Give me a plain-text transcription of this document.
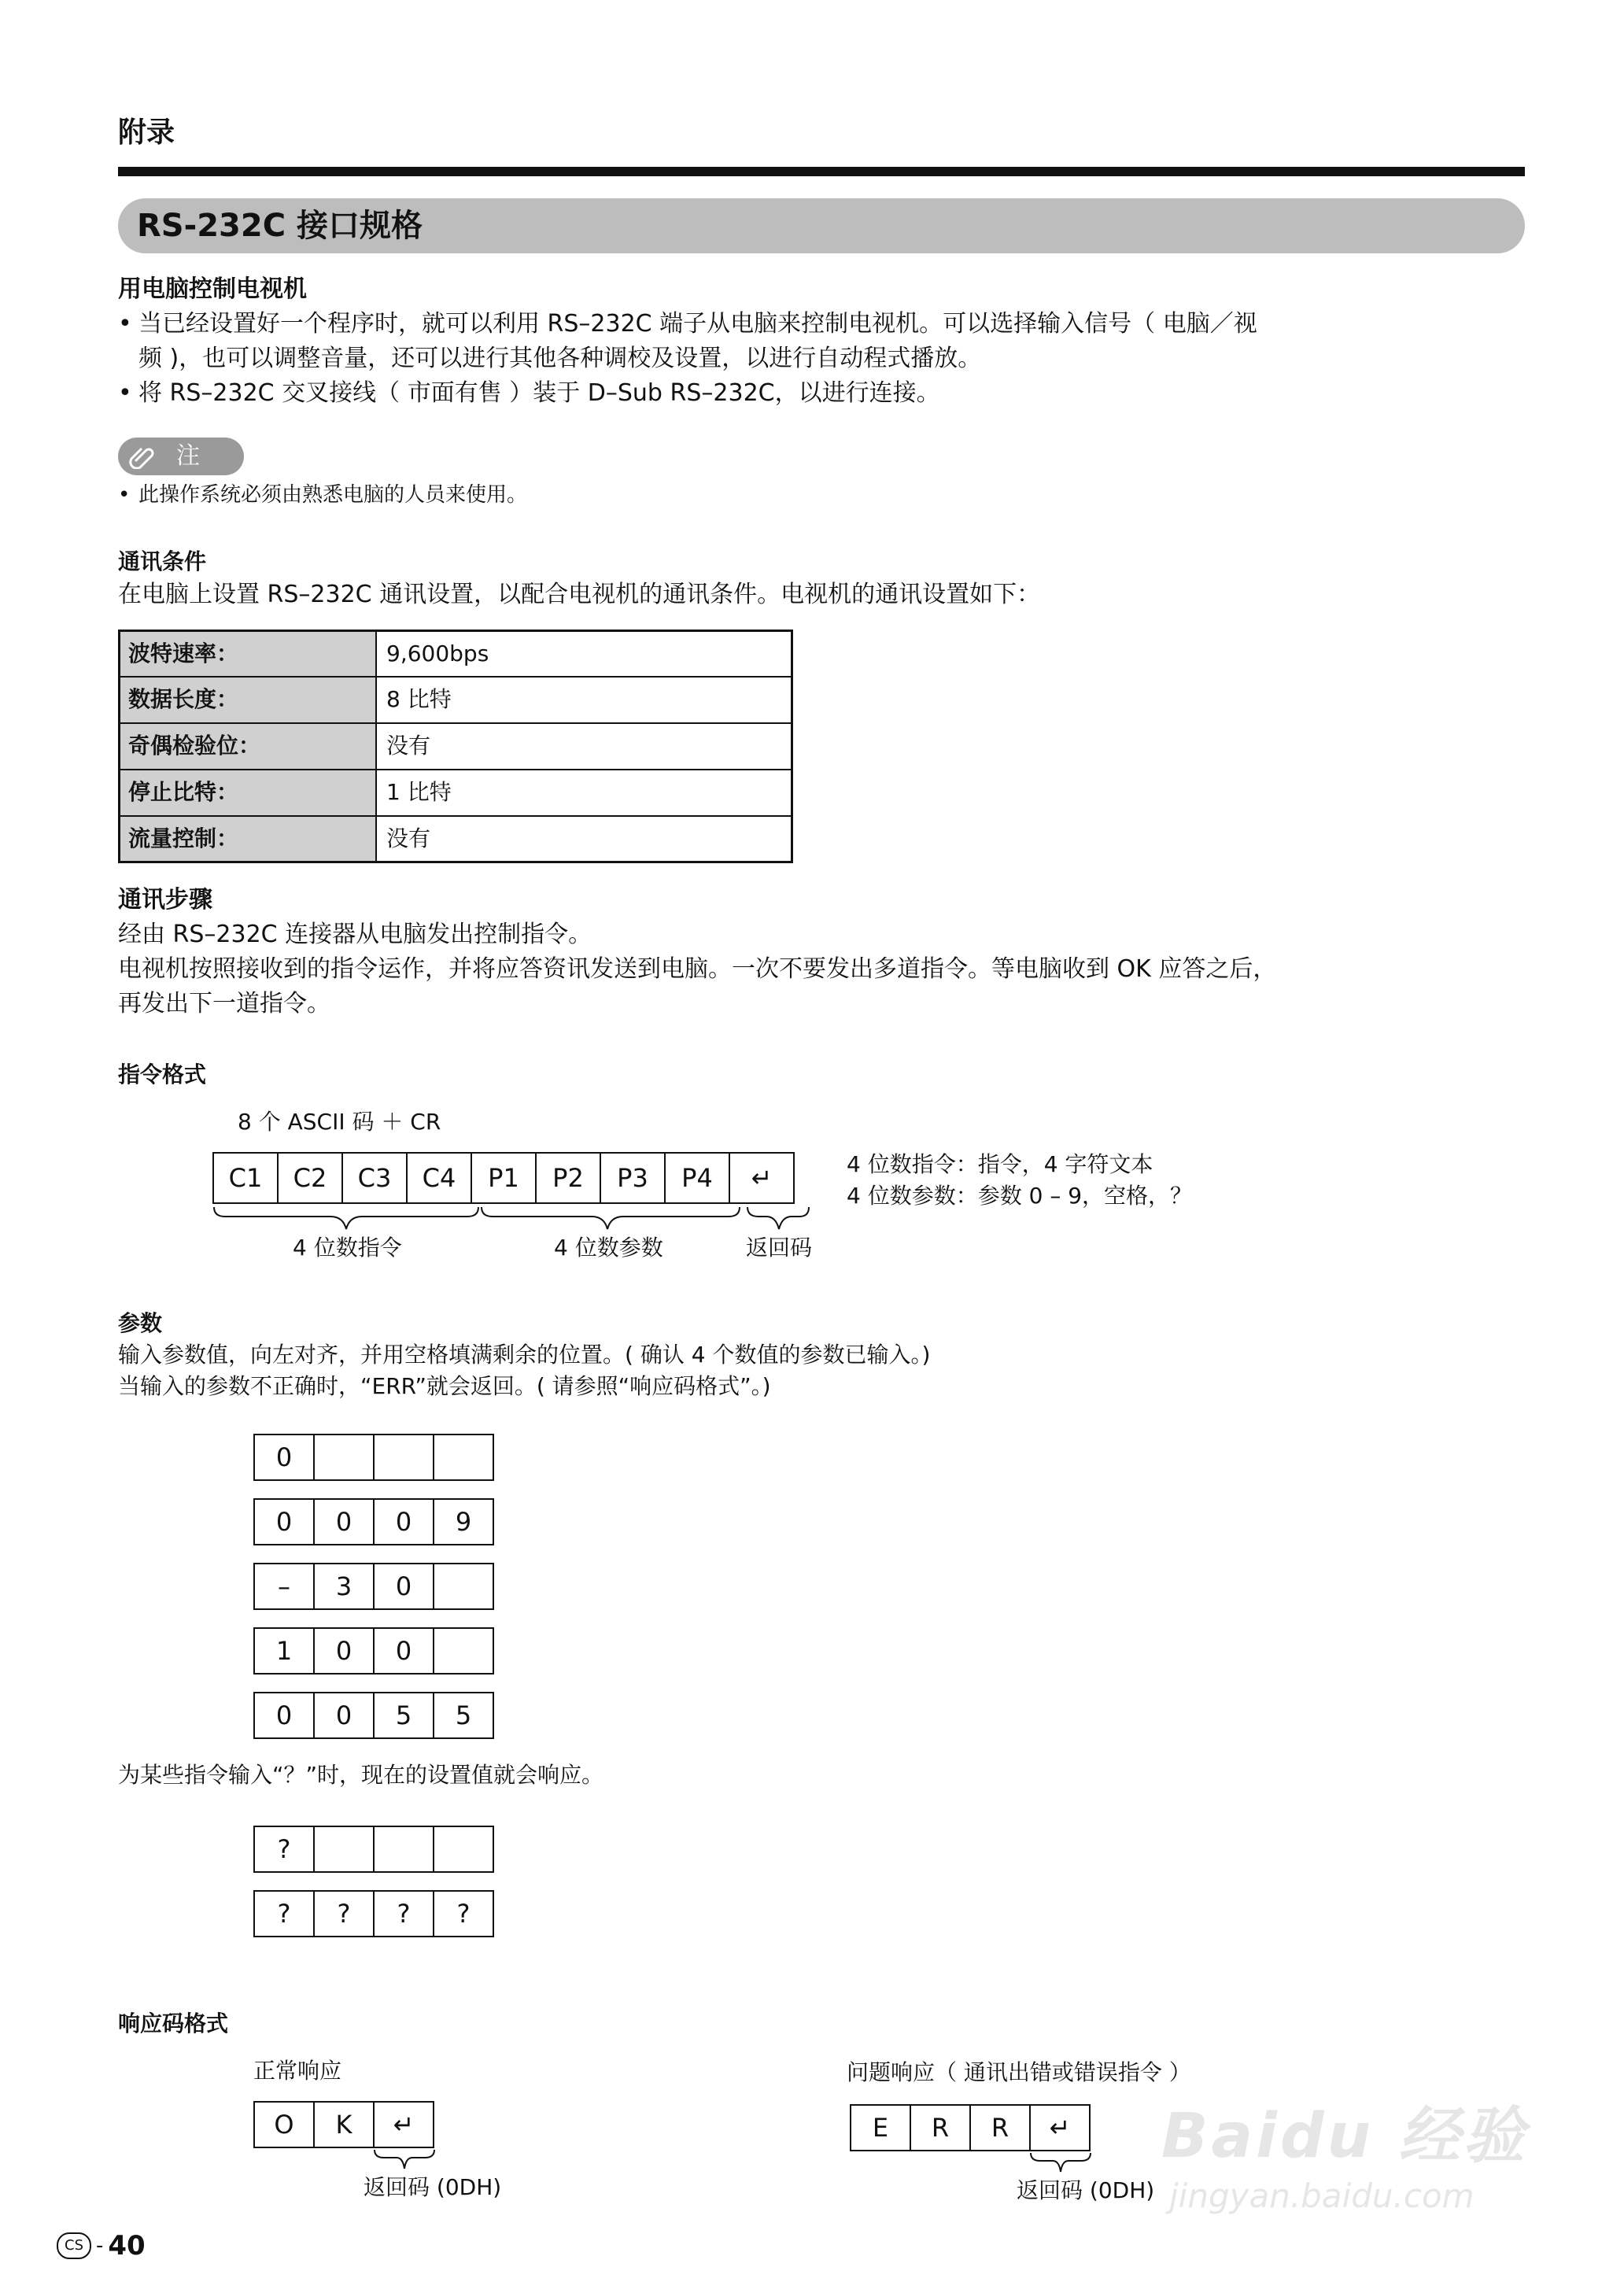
附录
RS-232C 接口规格
用电脑控制电视机
• 当已经设置好一个程序时，就可以利用 RS–232C 端子从电脑来控制电视机。可以选择输入信号（ 电脑／视
频 )，也可以调整音量，还可以进行其他各种调校及设置，以进行自动程式播放。
• 将 RS–232C 交叉接线（ 市面有售 ）装于 D–Sub RS–232C，以进行连接。
注
• 此操作系统必须由熟悉电脑的人员来使用。
通讯条件
在电脑上设置 RS–232C 通讯设置，以配合电视机的通讯条件。电视机的通讯设置如下：
波特速率：	9,600bps
数据长度：	8 比特
奇偶检验位：	没有
停止比特：	1 比特
流量控制：	没有
通讯步骤
经由 RS–232C 连接器从电脑发出控制指令。
电视机按照接收到的指令运作，并将应答资讯发送到电脑。一次不要发出多道指令。等电脑收到 OK 应答之后，
再发出下一道指令。
指令格式
8 个 ASCII 码 ＋ CR
C1	C2	C3	C4	P1	P2	P3	P4	↵
4 位数指令	4 位数参数	返回码
4 位数指令：指令，4 字符文本
4 位数参数：参数 0 – 9，空格，？
参数
输入参数值，向左对齐，并用空格填满剩余的位置。( 确认 4 个数值的参数已输入。)
当输入的参数不正确时，“ERR”就会返回。( 请参照“响应码格式”。)
0
0	0	0	9
–	3	0
1	0	0
0	0	5	5
为某些指令输入“？”时，现在的设置值就会响应。
?
?	?	?	?
响应码格式
正常响应
O	K	↵
返回码 (0DH)
问题响应（ 通讯出错或错误指令 ）
E	R	R	↵
返回码 (0DH)
CS - 40
Baidu 经验
jingyan.baidu.com
